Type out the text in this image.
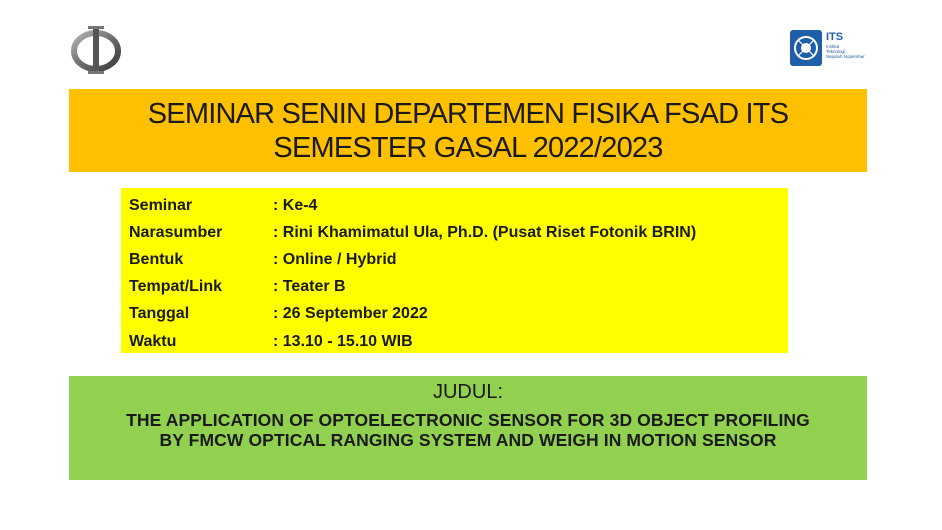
ITS
Institut
Teknologi
Sepuluh Nopember
SEMINAR SENIN DEPARTEMEN FISIKA FSAD ITS
SEMESTER GASAL 2022/2023
Seminar	: Ke-4
Narasumber	: Rini Khamimatul Ula, Ph.D. (Pusat Riset Fotonik BRIN)
Bentuk	: Online / Hybrid
Tempat/Link	: Teater B
Tanggal	: 26 September 2022
Waktu	: 13.10 - 15.10 WIB
JUDUL:
THE APPLICATION OF OPTOELECTRONIC SENSOR FOR 3D OBJECT PROFILING
BY FMCW OPTICAL RANGING SYSTEM AND WEIGH IN MOTION SENSOR
